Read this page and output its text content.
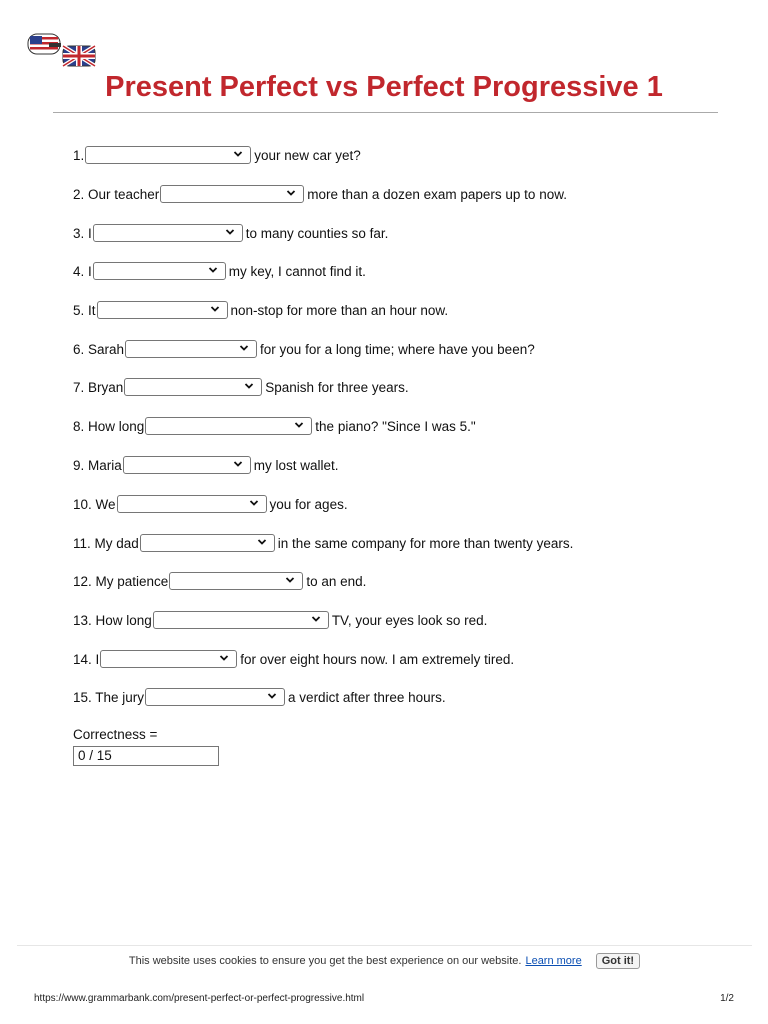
Present Perfect vs Perfect Progressive 1
1.	your new car yet?
2. Our teacher	more than a dozen exam papers up to now.
3. I	to many counties so far.
4. I	my key, I cannot find it.
5. It	non-stop for more than an hour now.
6. Sarah	for you for a long time; where have you been?
7. Bryan	Spanish for three years.
8. How long	the piano? "Since I was 5."
9. Maria	my lost wallet.
10. We	you for ages.
11. My dad	in the same company for more than twenty years.
12. My patience	to an end.
13. How long	TV, your eyes look so red.
14. I	for over eight hours now. I am extremely tired.
15. The jury	a verdict after three hours.
Correctness =
0 / 15
This website uses cookies to ensure you get the best experience on our website. Learn more	Got it!
https://www.grammarbank.com/present-perfect-or-perfect-progressive.html	1/2
